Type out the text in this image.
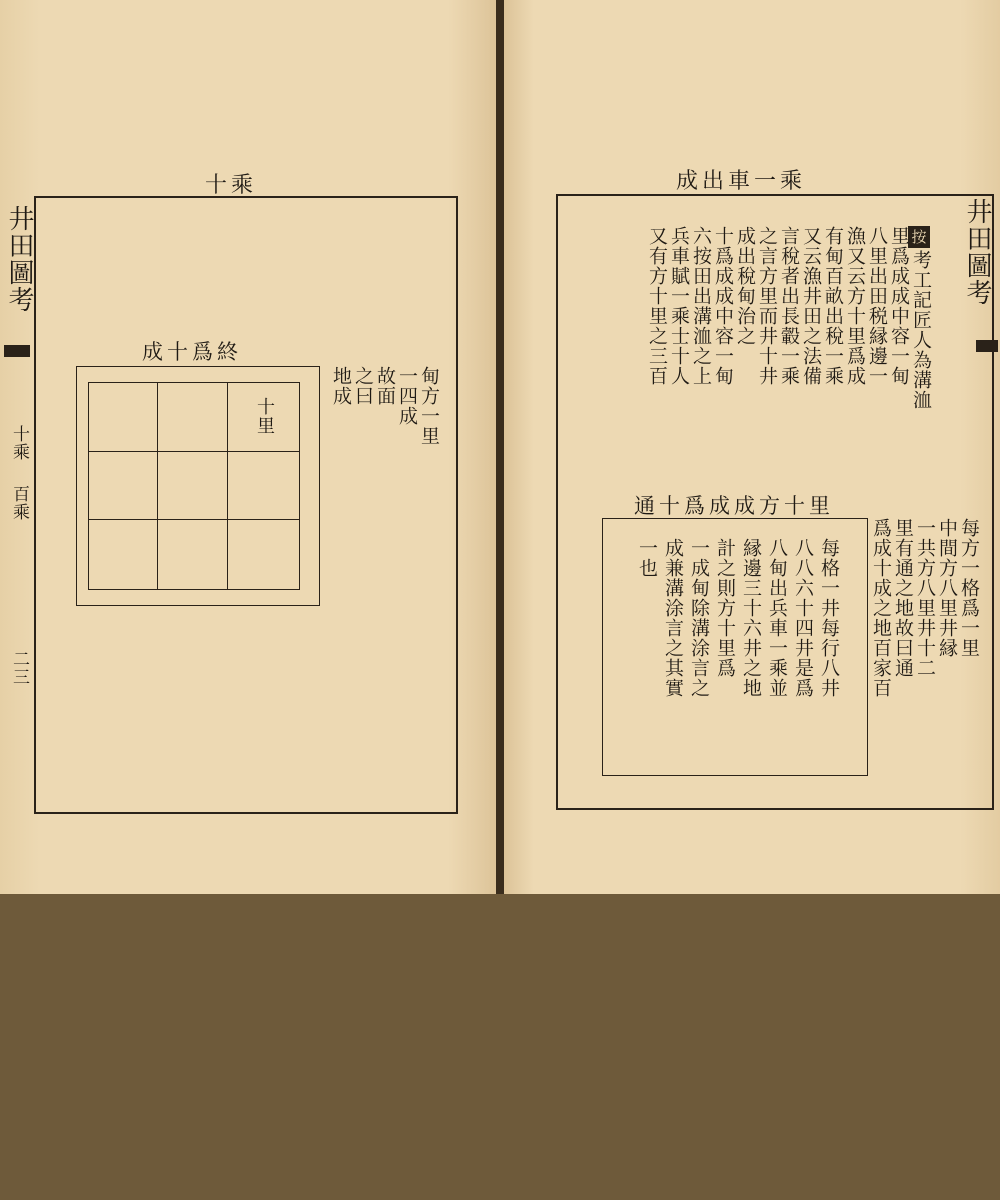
十乘
井田圖考
十乘
百乘
二三
成十爲終
十里	甸方一里
一四成
故面
之曰
地成
成出車一乘
井田圖考
按
考工記匠人為溝洫
里爲成成中容一甸
八里出田税縁邊一
漁又云方十里爲成
有甸百畝出稅一乘
又云漁井田之法備
言稅者出長轂一乘
之言方里而井十井
成出稅甸治之
十爲成成中容一甸
六按田出溝洫之上
兵車賦一乘士十人
又有方十里之三百
通十爲成成方十里
每格一井每行八井
八八六十四井是爲
八甸出兵車一乘並
縁邊三十六井之地
計之則方十里爲
一成甸除溝涂言之
成兼溝涂言之其實
一也	每方一格爲一里
中間方八里井縁
一共方八里井十二
里有通之地故曰通
爲成十成之地百家百
